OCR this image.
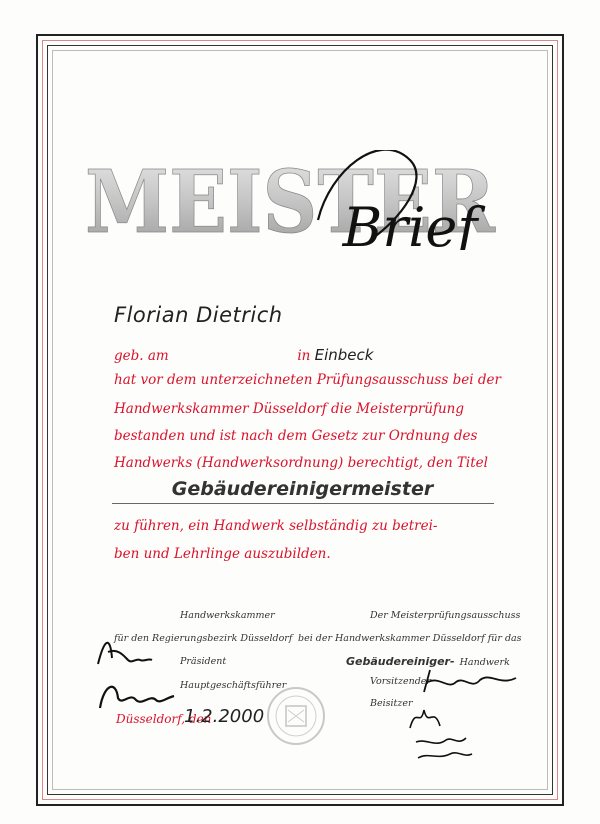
MEISTER
Brief
Florian Dietrich
geb. am	in Einbeck
hat vor dem unterzeichneten Prüfungsausschuss bei der
Handwerkskammer Düsseldorf die Meisterprüfung
bestanden und ist nach dem Gesetz zur Ordnung des
Handwerks (Handwerksordnung) berechtigt, den Titel
Gebäudereinigermeister
zu führen, ein Handwerk selbständig zu betrei-
ben und Lehrlinge auszubilden.
Handwerkskammer
für den Regierungsbezirk Düsseldorf
Präsident
Hauptgeschäftsführer
Der Meisterprüfungsausschuss
bei der Handwerkskammer Düsseldorf für das
Gebäudereiniger- Handwerk
Vorsitzender
Beisitzer
Düsseldorf, den
1.2.2000
